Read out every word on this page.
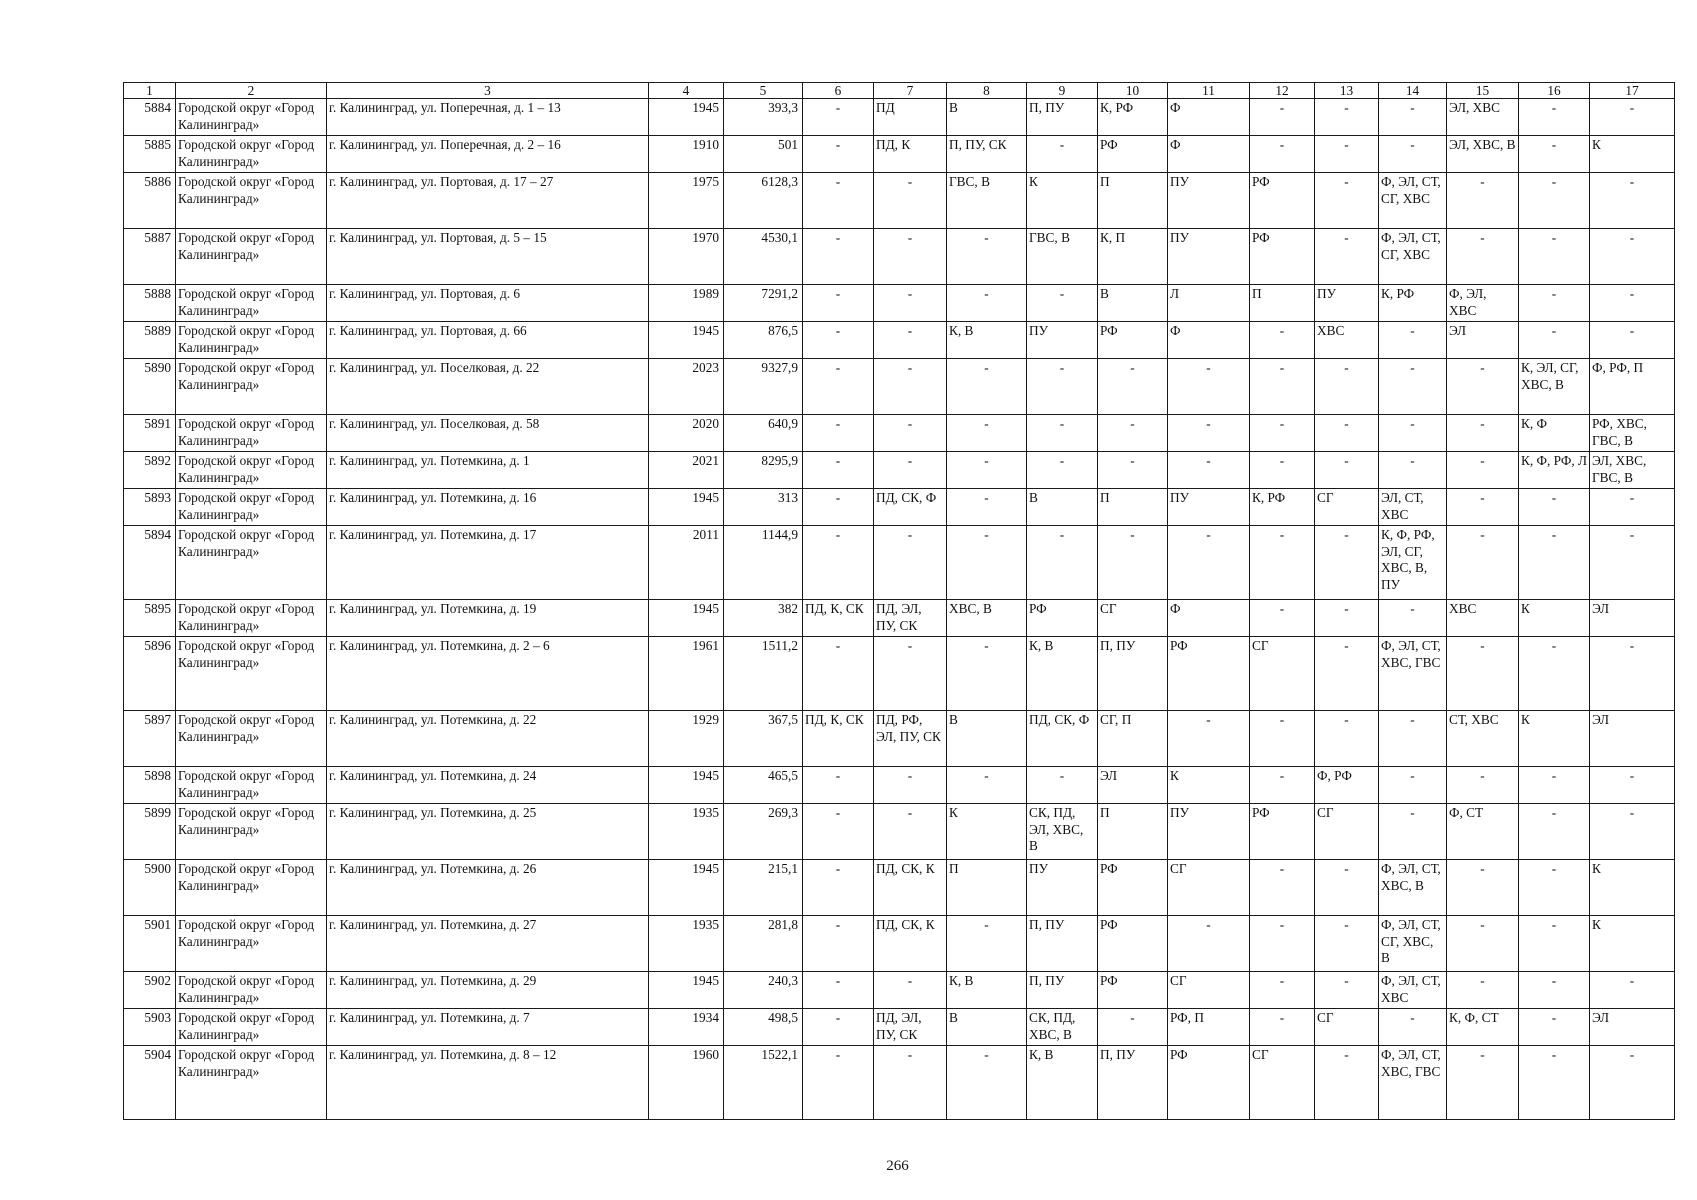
1	2	3	4	5	6	7	8	9	10	11	12	13	14	15	16	17
5884	Городской округ «Город Калининград»	г. Калининград, ул. Поперечная, д. 1 – 13	1945	393,3	-	ПД	В	П, ПУ	К, РФ	Ф	-	-	-	ЭЛ, ХВС	-	-
5885	Городской округ «Город Калининград»	г. Калининград, ул. Поперечная, д. 2 – 16	1910	501	-	ПД, К	П, ПУ, СК	-	РФ	Ф	-	-	-	ЭЛ, ХВС, В	-	К
5886	Городской округ «Город Калининград»	г. Калининград, ул. Портовая, д. 17 – 27	1975	6128,3	-	-	ГВС, В	К	П	ПУ	РФ	-	Ф, ЭЛ, СТ, СГ, ХВС	-	-	-
5887	Городской округ «Город Калининград»	г. Калининград, ул. Портовая, д. 5 – 15	1970	4530,1	-	-	-	ГВС, В	К, П	ПУ	РФ	-	Ф, ЭЛ, СТ, СГ, ХВС	-	-	-
5888	Городской округ «Город Калининград»	г. Калининград, ул. Портовая, д. 6	1989	7291,2	-	-	-	-	В	Л	П	ПУ	К, РФ	Ф, ЭЛ, ХВС	-	-
5889	Городской округ «Город Калининград»	г. Калининград, ул. Портовая, д. 66	1945	876,5	-	-	К, В	ПУ	РФ	Ф	-	ХВС	-	ЭЛ	-	-
5890	Городской округ «Город Калининград»	г. Калининград, ул. Поселковая, д. 22	2023	9327,9	-	-	-	-	-	-	-	-	-	-	К, ЭЛ, СГ, ХВС, В	Ф, РФ, П
5891	Городской округ «Город Калининград»	г. Калининград, ул. Поселковая, д. 58	2020	640,9	-	-	-	-	-	-	-	-	-	-	К, Ф	РФ, ХВС, ГВС, В
5892	Городской округ «Город Калининград»	г. Калининград, ул. Потемкина, д. 1	2021	8295,9	-	-	-	-	-	-	-	-	-	-	К, Ф, РФ, Л	ЭЛ, ХВС, ГВС, В
5893	Городской округ «Город Калининград»	г. Калининград, ул. Потемкина, д. 16	1945	313	-	ПД, СК, Ф	-	В	П	ПУ	К, РФ	СГ	ЭЛ, СТ, ХВС	-	-	-
5894	Городской округ «Город Калининград»	г. Калининград, ул. Потемкина, д. 17	2011	1144,9	-	-	-	-	-	-	-	-	К, Ф, РФ, ЭЛ, СГ, ХВС, В, ПУ	-	-	-
5895	Городской округ «Город Калининград»	г. Калининград, ул. Потемкина, д. 19	1945	382	ПД, К, СК	ПД, ЭЛ, ПУ, СК	ХВС, В	РФ	СГ	Ф	-	-	-	ХВС	К	ЭЛ
5896	Городской округ «Город Калининград»	г. Калининград, ул. Потемкина, д. 2 – 6	1961	1511,2	-	-	-	К, В	П, ПУ	РФ	СГ	-	Ф, ЭЛ, СТ, ХВС, ГВС	-	-	-
5897	Городской округ «Город Калининград»	г. Калининград, ул. Потемкина, д. 22	1929	367,5	ПД, К, СК	ПД, РФ, ЭЛ, ПУ, СК	В	ПД, СК, Ф	СГ, П	-	-	-	-	СТ, ХВС	К	ЭЛ
5898	Городской округ «Город Калининград»	г. Калининград, ул. Потемкина, д. 24	1945	465,5	-	-	-	-	ЭЛ	К	-	Ф, РФ	-	-	-	-
5899	Городской округ «Город Калининград»	г. Калининград, ул. Потемкина, д. 25	1935	269,3	-	-	К	СК, ПД, ЭЛ, ХВС, В	П	ПУ	РФ	СГ	-	Ф, СТ	-	-
5900	Городской округ «Город Калининград»	г. Калининград, ул. Потемкина, д. 26	1945	215,1	-	ПД, СК, К	П	ПУ	РФ	СГ	-	-	Ф, ЭЛ, СТ, ХВС, В	-	-	К
5901	Городской округ «Город Калининград»	г. Калининград, ул. Потемкина, д. 27	1935	281,8	-	ПД, СК, К	-	П, ПУ	РФ	-	-	-	Ф, ЭЛ, СТ, СГ, ХВС, В	-	-	К
5902	Городской округ «Город Калининград»	г. Калининград, ул. Потемкина, д. 29	1945	240,3	-	-	К, В	П, ПУ	РФ	СГ	-	-	Ф, ЭЛ, СТ, ХВС	-	-	-
5903	Городской округ «Город Калининград»	г. Калининград, ул. Потемкина, д. 7	1934	498,5	-	ПД, ЭЛ, ПУ, СК	В	СК, ПД, ХВС, В	-	РФ, П	-	СГ	-	К, Ф, СТ	-	ЭЛ
5904	Городской округ «Город Калининград»	г. Калининград, ул. Потемкина, д. 8 – 12	1960	1522,1	-	-	-	К, В	П, ПУ	РФ	СГ	-	Ф, ЭЛ, СТ, ХВС, ГВС	-	-	-
266
